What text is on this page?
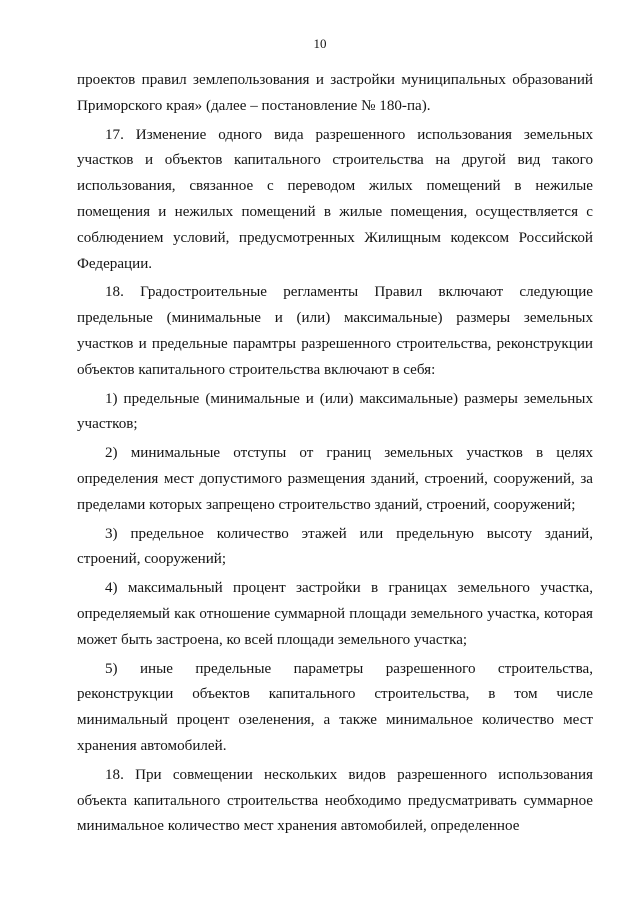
10

проектов правил землепользования и застройки муниципальных образований Приморского края» (далее – постановление № 180-па).

17. Изменение одного вида разрешенного использования земельных участков и объектов капитального строительства на другой вид такого использования, связанное с переводом жилых помещений в нежилые помещения и нежилых помещений в жилые помещения, осуществляется с соблюдением условий, предусмотренных Жилищным кодексом Российской Федерации.

18. Градостроительные регламенты Правил включают следующие предельные (минимальные и (или) максимальные) размеры земельных участков и предельные парамтры разрешенного строительства, реконструкции объектов капитального строительства включают в себя:

1) предельные (минимальные и (или) максимальные) размеры земельных участков;

2) минимальные отступы от границ земельных участков в целях определения мест допустимого размещения зданий, строений, сооружений, за пределами которых запрещено строительство зданий, строений, сооружений;

3) предельное количество этажей или предельную высоту зданий, строений, сооружений;

4) максимальный процент застройки в границах земельного участка, определяемый как отношение суммарной площади земельного участка, которая может быть застроена, ко всей площади земельного участка;

5) иные предельные параметры разрешенного строительства, реконструкции объектов капитального строительства, в том числе минимальный процент озеленения, а также минимальное количество мест хранения автомобилей.

18. При совмещении нескольких видов разрешенного использования объекта капитального строительства необходимо предусматривать суммарное минимальное количество мест хранения автомобилей, определенное
